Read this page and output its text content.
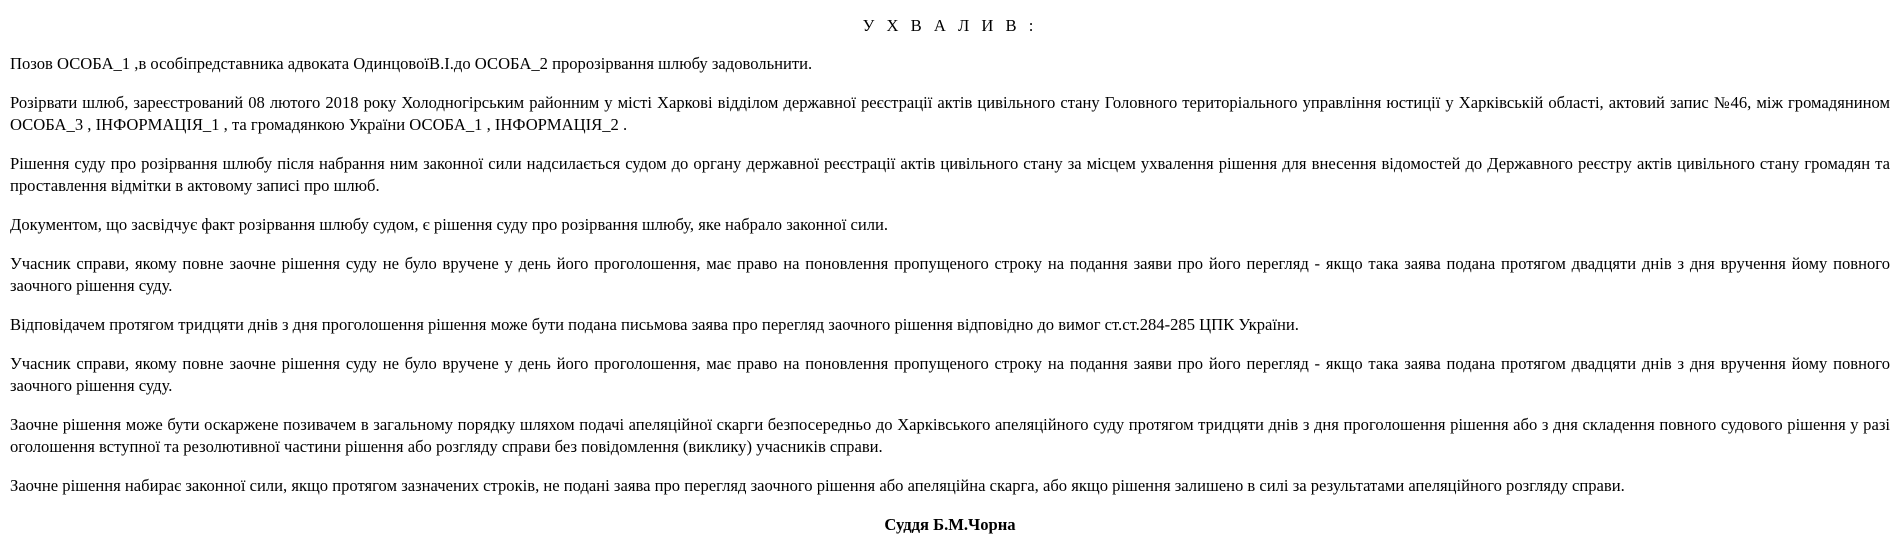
У Х В А Л И В :

Позов ОСОБА_1 ,в особіпредставника адвоката ОдинцовоїВ.І.до ОСОБА_2 пророзірвання шлюбу задовольнити.

Розірвати шлюб, зареєстрований 08 лютого 2018 року Холодногірським районним у місті Харкові відділом державної реєстрації актів цивільного стану Головного територіального управління юстиції у Харківській області, актовий запис №46, між громадянином ОСОБА_3 , ІНФОРМАЦІЯ_1 , та громадянкою України ОСОБА_1 , ІНФОРМАЦІЯ_2 .

Рішення суду про розірвання шлюбу після набрання ним законної сили надсилається судом до органу державної реєстрації актів цивільного стану за місцем ухвалення рішення для внесення відомостей до Державного реєстру актів цивільного стану громадян та проставлення відмітки в актовому записі про шлюб.

Документом, що засвідчує факт розірвання шлюбу судом, є рішення суду про розірвання шлюбу, яке набрало законної сили.

Учасник справи, якому повне заочне рішення суду не було вручене у день його проголошення, має право на поновлення пропущеного строку на подання заяви про його перегляд - якщо така заява подана протягом двадцяти днів з дня вручення йому повного заочного рішення суду.

Відповідачем протягом тридцяти днів з дня проголошення рішення може бути подана письмова заява про перегляд заочного рішення відповідно до вимог ст.ст.284-285 ЦПК України.

Учасник справи, якому повне заочне рішення суду не було вручене у день його проголошення, має право на поновлення пропущеного строку на подання заяви про його перегляд - якщо така заява подана протягом двадцяти днів з дня вручення йому повного заочного рішення суду.

Заочне рішення може бути оскаржене позивачем в загальному порядку шляхом подачі апеляційної скарги безпосередньо до Харківського апеляційного суду протягом тридцяти днів з дня проголошення рішення або з дня складення повного судового рішення у разі оголошення вступної та резолютивної частини рішення або розгляду справи без повідомлення (виклику) учасників справи.

Заочне рішення набирає законної сили, якщо протягом зазначених строків, не подані заява про перегляд заочного рішення або апеляційна скарга, або якщо рішення залишено в силі за результатами апеляційного розгляду справи.

Суддя Б.М.Чорна
